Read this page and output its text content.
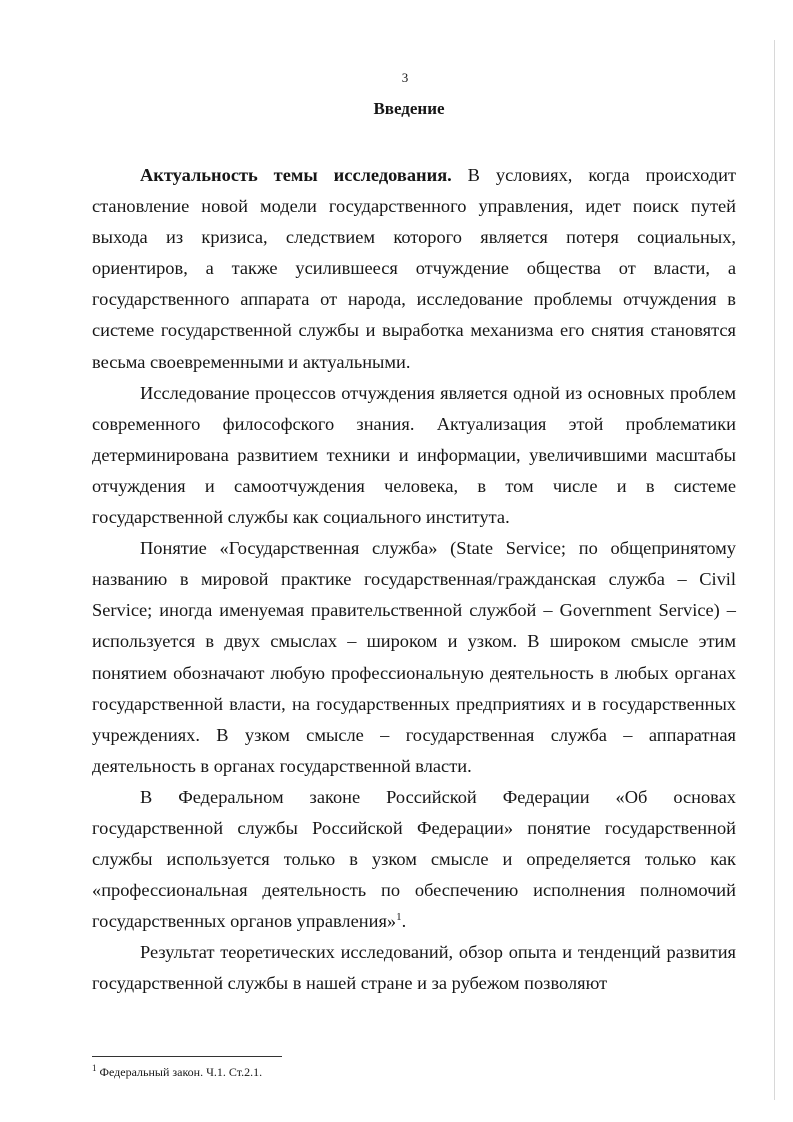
3
Введение

Актуальность темы исследования. В условиях, когда происходит становление новой модели государственного управления, идет поиск путей выхода из кризиса, следствием которого является потеря социальных, ориентиров, а также усилившееся отчуждение общества от власти, а государственного аппарата от народа, исследование проблемы отчуждения в системе государственной службы и выработка механизма его снятия становятся весьма своевременными и актуальными.

Исследование процессов отчуждения является одной из основных проблем современного философского знания. Актуализация этой проблематики детерминирована развитием техники и информации, увеличившими масштабы отчуждения и самоотчуждения человека, в том числе и в системе государственной службы как социального института.

Понятие «Государственная служба» (State Service; по общепринятому названию в мировой практике государственная/гражданская служба – Civil Service; иногда именуемая правительственной службой – Government Service) – используется в двух смыслах – широком и узком. В широком смысле этим понятием обозначают любую профессиональную деятельность в любых органах государственной власти, на государственных предприятиях и в государственных учреждениях. В узком смысле – государственная служба – аппаратная деятельность в органах государственной власти.

В Федеральном законе Российской Федерации «Об основах государственной службы Российской Федерации» понятие государственной службы используется только в узком смысле и определяется только как «профессиональная деятельность по обеспечению исполнения полномочий государственных органов управления»$^1$.

Результат теоретических исследований, обзор опыта и тенденций развития государственной службы в нашей стране и за рубежом позволяют

$^1$ Федеральный закон. Ч.1. Ст.2.1.
